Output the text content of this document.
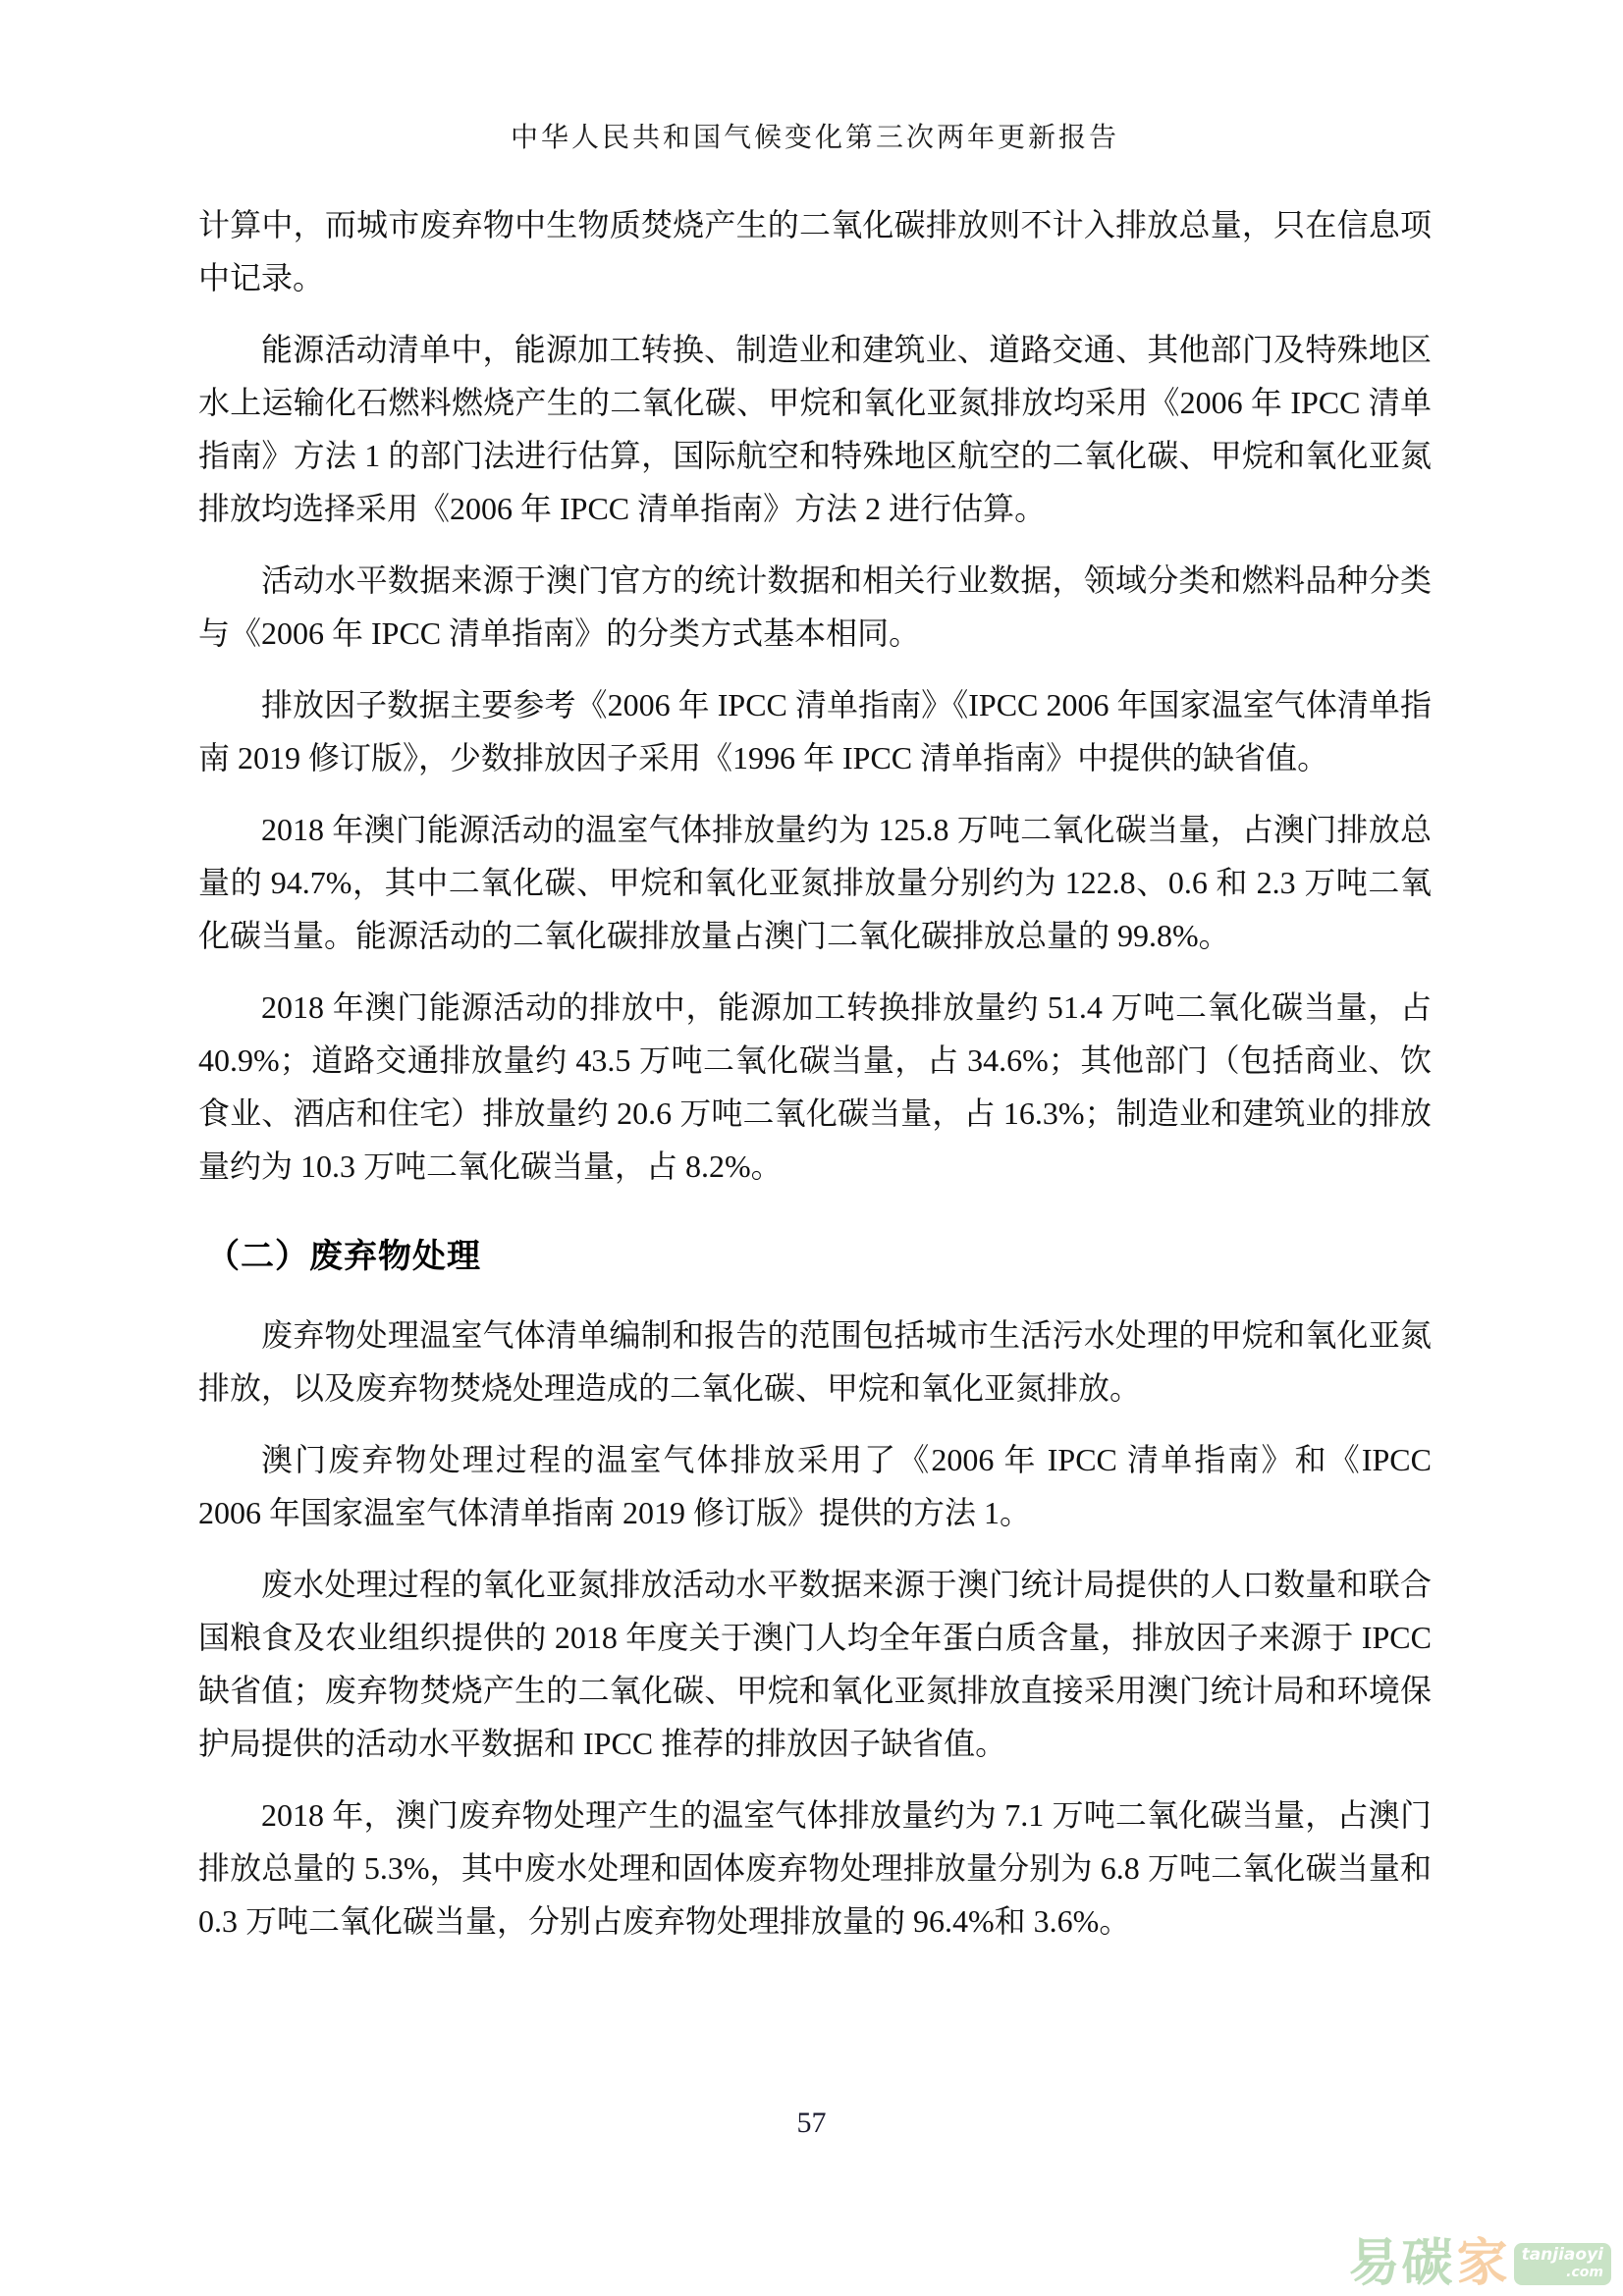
中华人民共和国气候变化第三次两年更新报告

计算中，而城市废弃物中生物质焚烧产生的二氧化碳排放则不计入排放总量，只在信息项中记录。

能源活动清单中，能源加工转换、制造业和建筑业、道路交通、其他部门及特殊地区水上运输化石燃料燃烧产生的二氧化碳、甲烷和氧化亚氮排放均采用《2006 年 IPCC 清单指南》方法 1 的部门法进行估算，国际航空和特殊地区航空的二氧化碳、甲烷和氧化亚氮排放均选择采用《2006 年 IPCC 清单指南》方法 2 进行估算。

活动水平数据来源于澳门官方的统计数据和相关行业数据，领域分类和燃料品种分类与《2006 年 IPCC 清单指南》的分类方式基本相同。

排放因子数据主要参考《2006 年 IPCC 清单指南》《IPCC 2006 年国家温室气体清单指南 2019 修订版》，少数排放因子采用《1996 年 IPCC 清单指南》中提供的缺省值。

2018 年澳门能源活动的温室气体排放量约为 125.8 万吨二氧化碳当量，占澳门排放总量的 94.7%，其中二氧化碳、甲烷和氧化亚氮排放量分别约为 122.8、0.6 和 2.3 万吨二氧化碳当量。能源活动的二氧化碳排放量占澳门二氧化碳排放总量的 99.8%。

2018 年澳门能源活动的排放中，能源加工转换排放量约 51.4 万吨二氧化碳当量，占 40.9%；道路交通排放量约 43.5 万吨二氧化碳当量，占 34.6%；其他部门（包括商业、饮食业、酒店和住宅）排放量约 20.6 万吨二氧化碳当量，占 16.3%；制造业和建筑业的排放量约为 10.3 万吨二氧化碳当量，占 8.2%。

（二）废弃物处理

废弃物处理温室气体清单编制和报告的范围包括城市生活污水处理的甲烷和氧化亚氮排放，以及废弃物焚烧处理造成的二氧化碳、甲烷和氧化亚氮排放。

澳门废弃物处理过程的温室气体排放采用了《2006 年 IPCC 清单指南》和《IPCC 2006 年国家温室气体清单指南 2019 修订版》提供的方法 1。

废水处理过程的氧化亚氮排放活动水平数据来源于澳门统计局提供的人口数量和联合国粮食及农业组织提供的 2018 年度关于澳门人均全年蛋白质含量，排放因子来源于 IPCC 缺省值；废弃物焚烧产生的二氧化碳、甲烷和氧化亚氮排放直接采用澳门统计局和环境保护局提供的活动水平数据和 IPCC 推荐的排放因子缺省值。

2018 年，澳门废弃物处理产生的温室气体排放量约为 7.1 万吨二氧化碳当量，占澳门排放总量的 5.3%，其中废水处理和固体废弃物处理排放量分别为 6.8 万吨二氧化碳当量和 0.3 万吨二氧化碳当量，分别占废弃物处理排放量的 96.4%和 3.6%。

57
易碳 家 tanjiaoyi
.com
